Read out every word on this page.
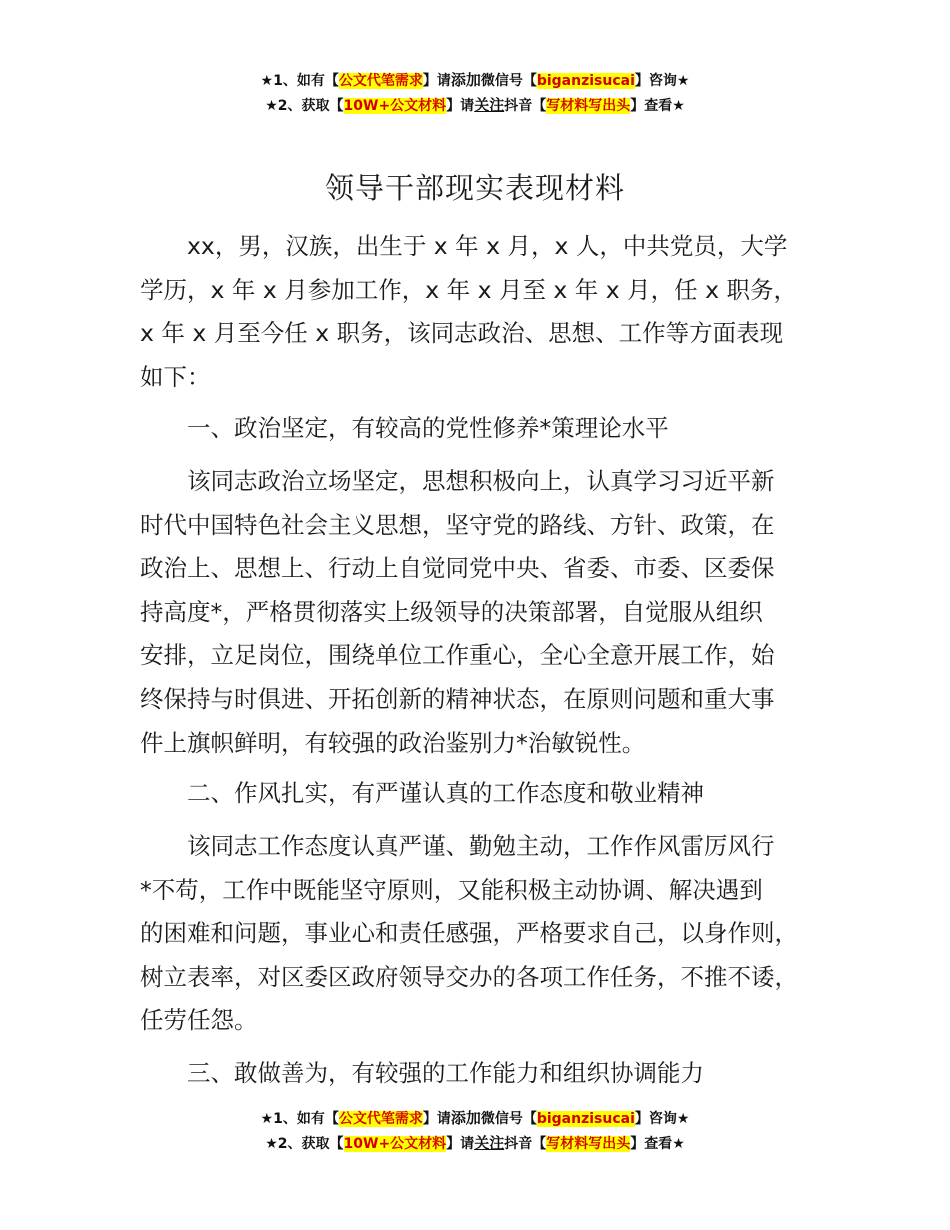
★1、如有【公文代笔需求】请添加微信号【biganzisucai】咨询★
★2、获取【10W+公文材料】请关注抖音【写材料写出头】查看★
领导干部现实表现材料
xx，男，汉族，出生于 x 年 x 月，x 人，中共党员，大学
学历，x 年 x 月参加工作，x 年 x 月至 x 年 x 月，任 x 职务，
x 年 x 月至今任 x 职务，该同志政治、思想、工作等方面表现
如下：
一、政治坚定，有较高的党性修养*策理论水平
该同志政治立场坚定，思想积极向上，认真学习习近平新
时代中国特色社会主义思想，坚守党的路线、方针、政策，在
政治上、思想上、行动上自觉同党中央、省委、市委、区委保
持高度*，严格贯彻落实上级领导的决策部署，自觉服从组织
安排，立足岗位，围绕单位工作重心，全心全意开展工作，始
终保持与时俱进、开拓创新的精神状态，在原则问题和重大事
件上旗帜鲜明，有较强的政治鉴别力*治敏锐性。
二、作风扎实，有严谨认真的工作态度和敬业精神
该同志工作态度认真严谨、勤勉主动，工作作风雷厉风行
*不苟，工作中既能坚守原则，又能积极主动协调、解决遇到
的困难和问题，事业心和责任感强，严格要求自己，以身作则，
树立表率，对区委区政府领导交办的各项工作任务，不推不诿，
任劳任怨。
三、敢做善为，有较强的工作能力和组织协调能力
★1、如有【公文代笔需求】请添加微信号【biganzisucai】咨询★
★2、获取【10W+公文材料】请关注抖音【写材料写出头】查看★
